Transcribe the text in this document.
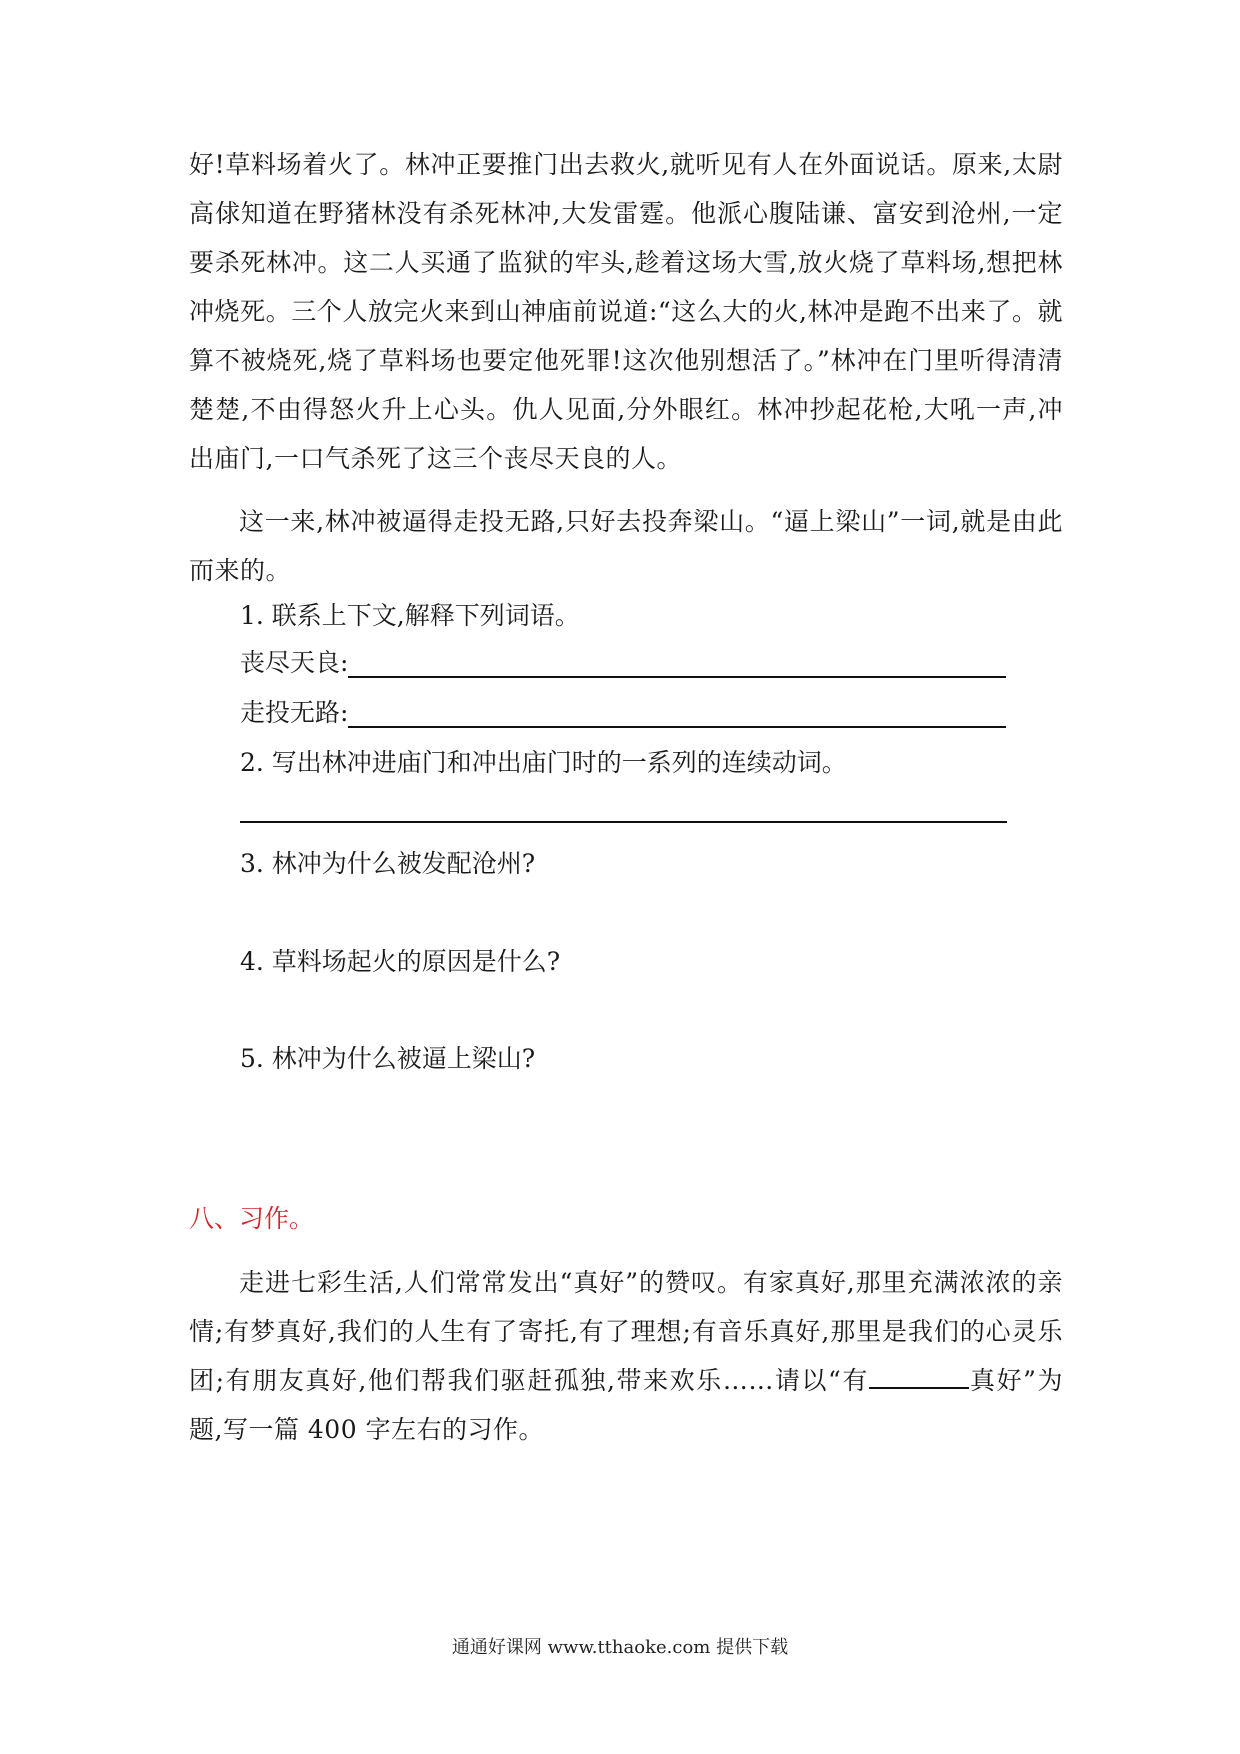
好!草料场着火了。林冲正要推门出去救火,就听见有人在外面说话。原来,太尉高俅知道在野猪林没有杀死林冲,大发雷霆。他派心腹陆谦、富安到沧州,一定要杀死林冲。这二人买通了监狱的牢头,趁着这场大雪,放火烧了草料场,想把林冲烧死。三个人放完火来到山神庙前说道:“这么大的火,林冲是跑不出来了。就算不被烧死,烧了草料场也要定他死罪!这次他别想活了。”林冲在门里听得清清楚楚,不由得怒火升上心头。仇人见面,分外眼红。林冲抄起花枪,大吼一声,冲出庙门,一口气杀死了这三个丧尽天良的人。

这一来,林冲被逼得走投无路,只好去投奔梁山。“逼上梁山”一词,就是由此而来的。

1. 联系上下文,解释下列词语。

丧尽天良:
走投无路:

2. 写出林冲进庙门和冲出庙门时的一系列的连续动词。

3. 林冲为什么被发配沧州?

4. 草料场起火的原因是什么?

5. 林冲为什么被逼上梁山?

八、习作。

走进七彩生活,人们常常发出“真好”的赞叹。有家真好,那里充满浓浓的亲情;有梦真好,我们的人生有了寄托,有了理想;有音乐真好,那里是我们的心灵乐团;有朋友真好,他们帮我们驱赶孤独,带来欢乐……请以“有	真好”为题,写一篇 400 字左右的习作。

通通好课网 www.tthaoke.com 提供下载
